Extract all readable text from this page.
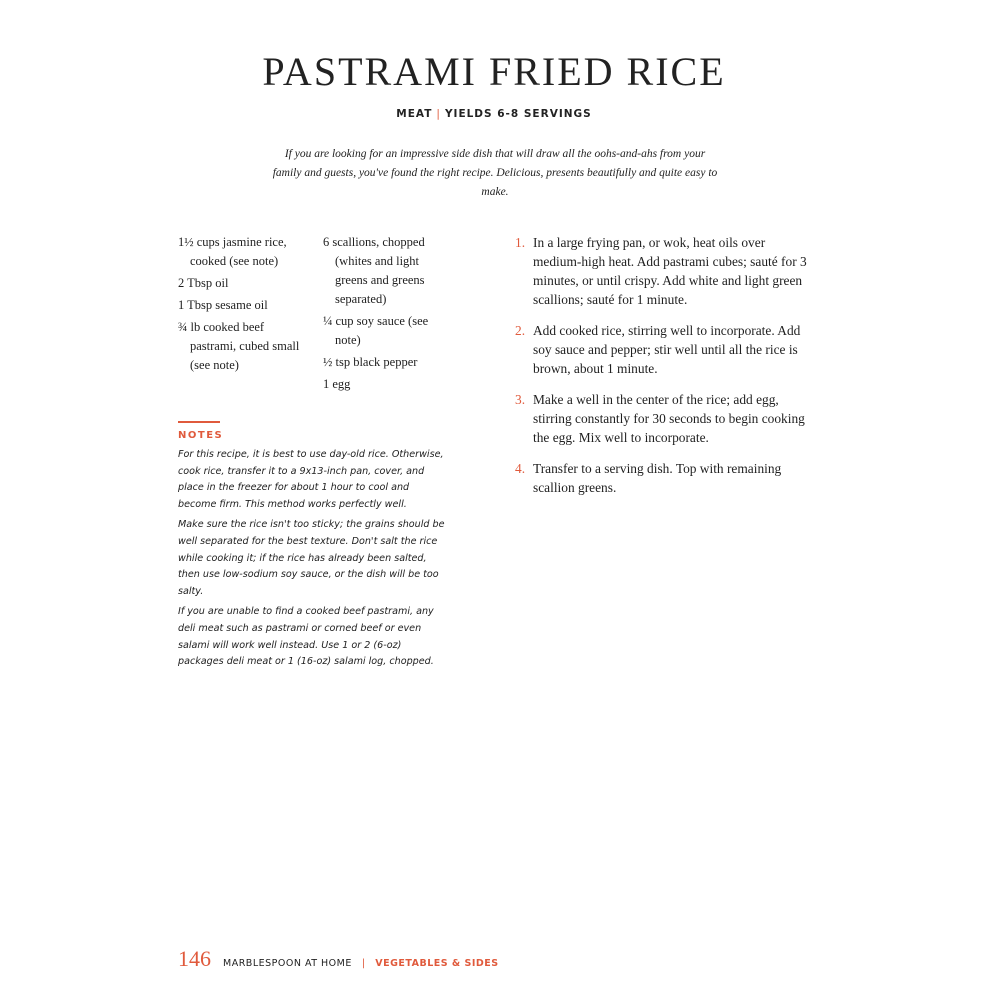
PASTRAMI FRIED RICE
MEAT | YIELDS 6-8 SERVINGS

If you are looking for an impressive side dish that will draw all the oohs-and-ahs from your family and guests, you've found the right recipe. Delicious, presents beautifully and quite easy to make.

1½ cups jasmine rice, cooked (see note)
2 Tbsp oil
1 Tbsp sesame oil
¾ lb cooked beef pastrami, cubed small (see note)
6 scallions, chopped (whites and light greens and greens separated)
¼ cup soy sauce (see note)
½ tsp black pepper
1 egg
NOTES

For this recipe, it is best to use day-old rice. Otherwise, cook rice, transfer it to a 9x13-inch pan, cover, and place in the freezer for about 1 hour to cool and become firm. This method works perfectly well.

Make sure the rice isn't too sticky; the grains should be well separated for the best texture. Don't salt the rice while cooking it; if the rice has already been salted, then use low-sodium soy sauce, or the dish will be too salty.

If you are unable to find a cooked beef pastrami, any deli meat such as pastrami or corned beef or even salami will work well instead. Use 1 or 2 (6-oz) packages deli meat or 1 (16-oz) salami log, chopped.

1. In a large frying pan, or wok, heat oils over medium-high heat. Add pastrami cubes; sauté for 3 minutes, or until crispy. Add white and light green scallions; sauté for 1 minute.
2. Add cooked rice, stirring well to incorporate. Add soy sauce and pepper; stir well until all the rice is brown, about 1 minute.
3. Make a well in the center of the rice; add egg, stirring constantly for 30 seconds to begin cooking the egg. Mix well to incorporate.
4. Transfer to a serving dish. Top with remaining scallion greens.
146 MARBLESPOON AT HOME | VEGETABLES & SIDES
